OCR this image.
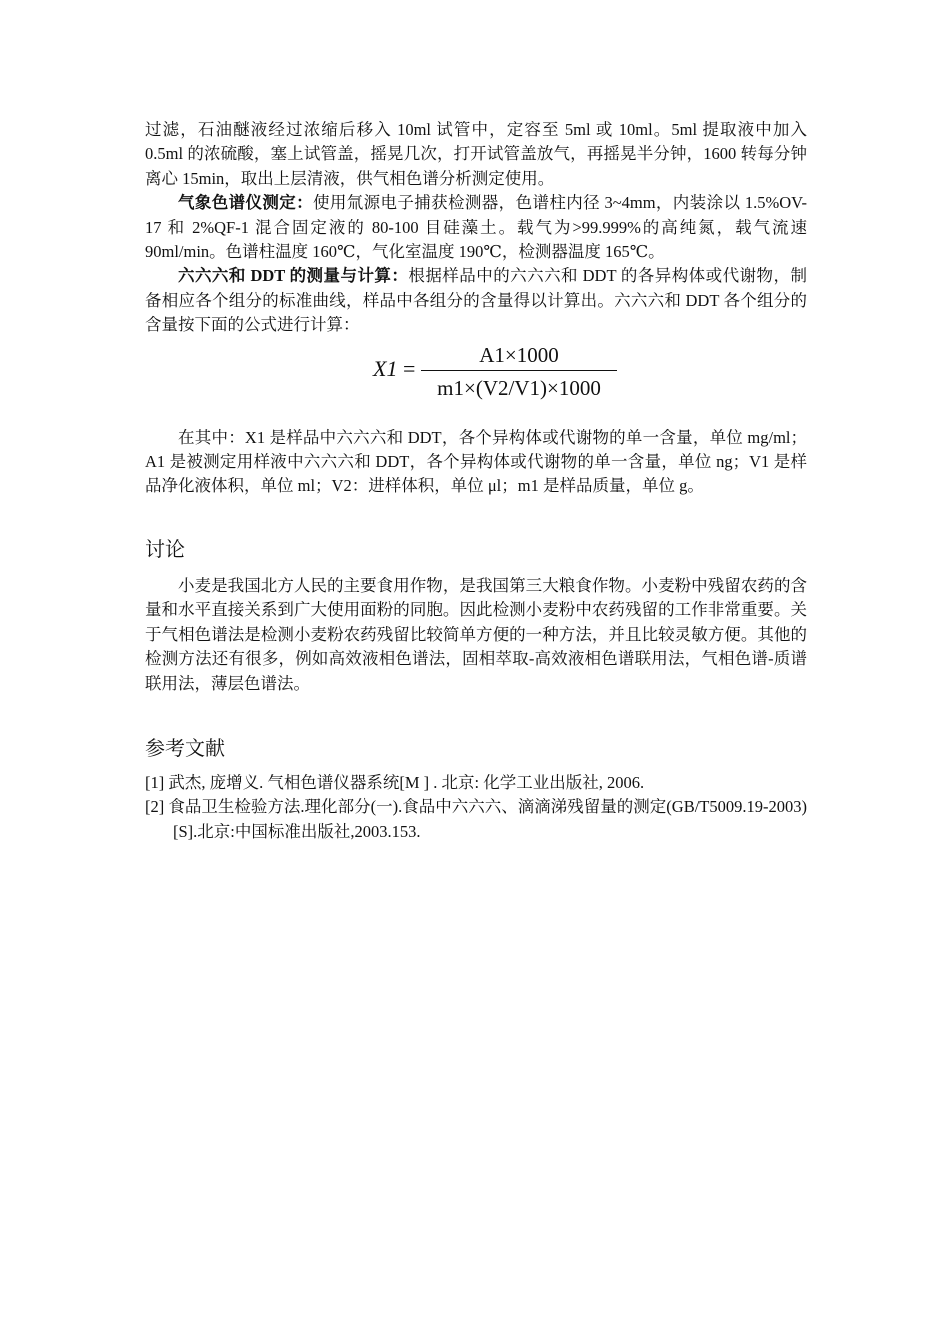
过滤，石油醚液经过浓缩后移入 10ml 试管中，定容至 5ml 或 10ml。5ml 提取液中加入 0.5ml 的浓硫酸，塞上试管盖，摇晃几次，打开试管盖放气，再摇晃半分钟，1600 转每分钟离心 15min，取出上层清液，供气相色谱分析测定使用。

气象色谱仪测定：使用氚源电子捕获检测器，色谱柱内径 3~4mm，内装涂以 1.5%OV-17 和 2%QF-1 混合固定液的 80-100 目硅藻土。载气为>99.999%的高纯氮，载气流速 90ml/min。色谱柱温度 160℃，气化室温度 190℃，检测器温度 165℃。

六六六和 DDT 的测量与计算：根据样品中的六六六和 DDT 的各异构体或代谢物，制备相应各个组分的标准曲线，样品中各组分的含量得以计算出。六六六和 DDT 各个组分的含量按下面的公式进行计算：

X1 =
A1×1000
m1×(V2/V1)×1000

在其中：X1 是样品中六六六和 DDT，各个异构体或代谢物的单一含量，单位 mg/ml；A1 是被测定用样液中六六六和 DDT，各个异构体或代谢物的单一含量，单位 ng；V1 是样品净化液体积，单位 ml；V2：进样体积，单位 μl；m1 是样品质量，单位 g。

讨论

小麦是我国北方人民的主要食用作物，是我国第三大粮食作物。小麦粉中残留农药的含量和水平直接关系到广大使用面粉的同胞。因此检测小麦粉中农药残留的工作非常重要。关于气相色谱法是检测小麦粉农药残留比较简单方便的一种方法，并且比较灵敏方便。其他的检测方法还有很多，例如高效液相色谱法，固相萃取-高效液相色谱联用法，气相色谱-质谱联用法，薄层色谱法。

参考文献

[1] 武杰, 庞增义. 气相色谱仪器系统[M ] . 北京: 化学工业出版社, 2006.

[2] 食品卫生检验方法.理化部分(一).食品中六六六、滴滴涕残留量的测定(GB/T5009.19-2003)[S].北京:中国标准出版社,2003.153.
